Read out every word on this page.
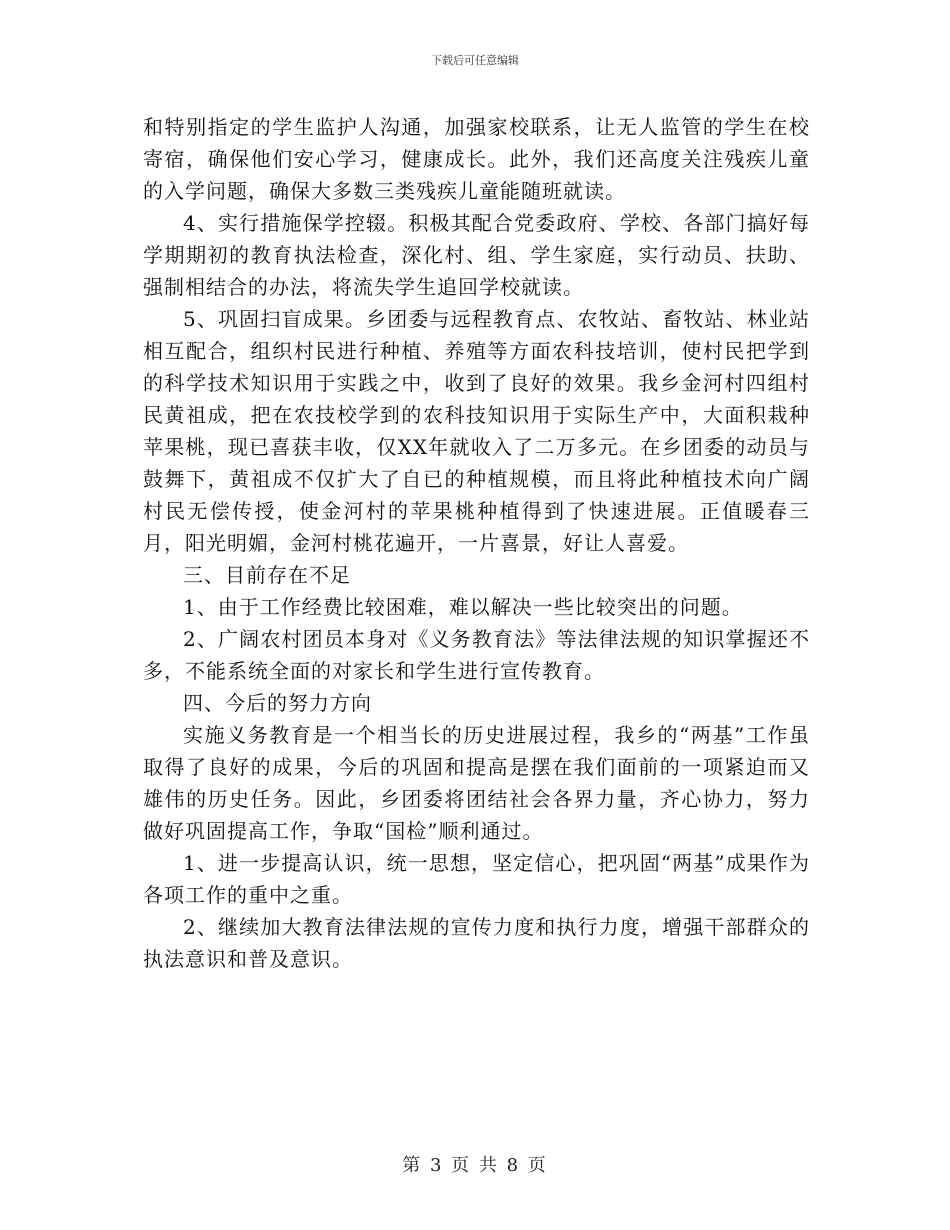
下载后可任意编辑

和特别指定的学生监护人沟通，加强家校联系，让无人监管的学生在校寄宿，确保他们安心学习，健康成长。此外，我们还高度关注残疾儿童的入学问题，确保大多数三类残疾儿童能随班就读。

4、实行措施保学控辍。积极其配合党委政府、学校、各部门搞好每学期期初的教育执法检查，深化村、组、学生家庭，实行动员、扶助、强制相结合的办法，将流失学生追回学校就读。

5、巩固扫盲成果。乡团委与远程教育点、农牧站、畜牧站、林业站相互配合，组织村民进行种植、养殖等方面农科技培训，使村民把学到的科学技术知识用于实践之中，收到了良好的效果。我乡金河村四组村民黄祖成，把在农技校学到的农科技知识用于实际生产中，大面积栽种苹果桃，现已喜获丰收，仅XX年就收入了二万多元。在乡团委的动员与鼓舞下，黄祖成不仅扩大了自已的种植规模，而且将此种植技术向广阔村民无偿传授，使金河村的苹果桃种植得到了快速进展。正值暖春三月，阳光明媚，金河村桃花遍开，一片喜景，好让人喜爱。

三、目前存在不足

1、由于工作经费比较困难，难以解决一些比较突出的问题。

2、广阔农村团员本身对《义务教育法》等法律法规的知识掌握还不多，不能系统全面的对家长和学生进行宣传教育。

四、今后的努力方向

实施义务教育是一个相当长的历史进展过程，我乡的“两基”工作虽取得了良好的成果，今后的巩固和提高是摆在我们面前的一项紧迫而又雄伟的历史任务。因此，乡团委将团结社会各界力量，齐心协力，努力做好巩固提高工作，争取“国检”顺利通过。

1、进一步提高认识，统一思想，坚定信心，把巩固“两基”成果作为各项工作的重中之重。

2、继续加大教育法律法规的宣传力度和执行力度，增强干部群众的执法意识和普及意识。

第 3 页 共 8 页
